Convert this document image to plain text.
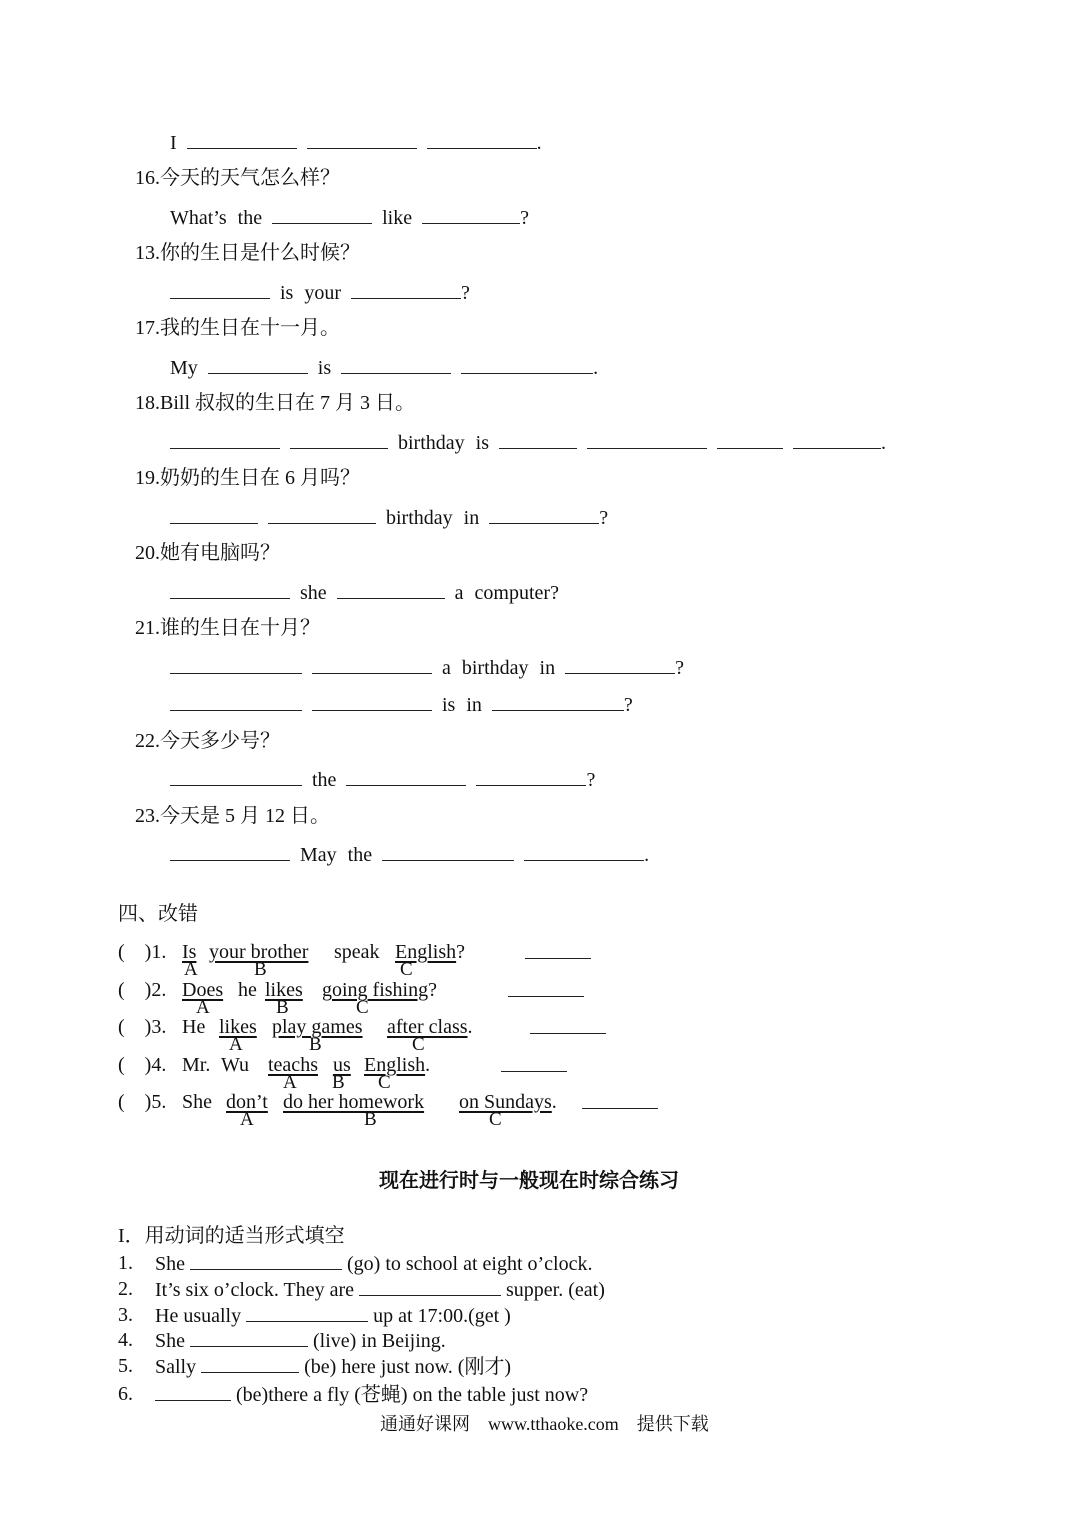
I	.
16.今天的天气怎么样？
What’s the	like	?
13.你的生日是什么时候？
is your	?
17.我的生日在十一月。
My	is	.
18.Bill 叔叔的生日在 7 月 3 日。
birthday is	.
19.奶奶的生日在 6 月吗？
birthday in	?
20.她有电脑吗？
she	a computer?
21.谁的生日在十月？
a birthday in	?
is in	?
22.今天多少号？
the	?
23.今天是 5 月 12 日。
May the	.
四、改错
(　)1. Is your brother speak English?
A	B	C
(　)2. Does he likes going fishing?
A	B	C
(　)3. He likes play games after class.
A	B	C
(　)4. Mr. Wu teachs us English.
A B C
(　)5. She don’t do her homework on Sundays.
A	B	C
现在进行时与一般现在时综合练习
I．用动词的适当形式填空
1. She	(go) to school at eight o’clock.
2. It’s six o’clock. They are	supper. (eat)
3. He usually	up at 17:00.(get )
4. She	(live) in Beijing.
5. Sally	(be) here just now. (刚才)
6.	(be)there a fly (苍蝇) on the table just now?
通通好课网　www.tthaoke.com　提供下载
